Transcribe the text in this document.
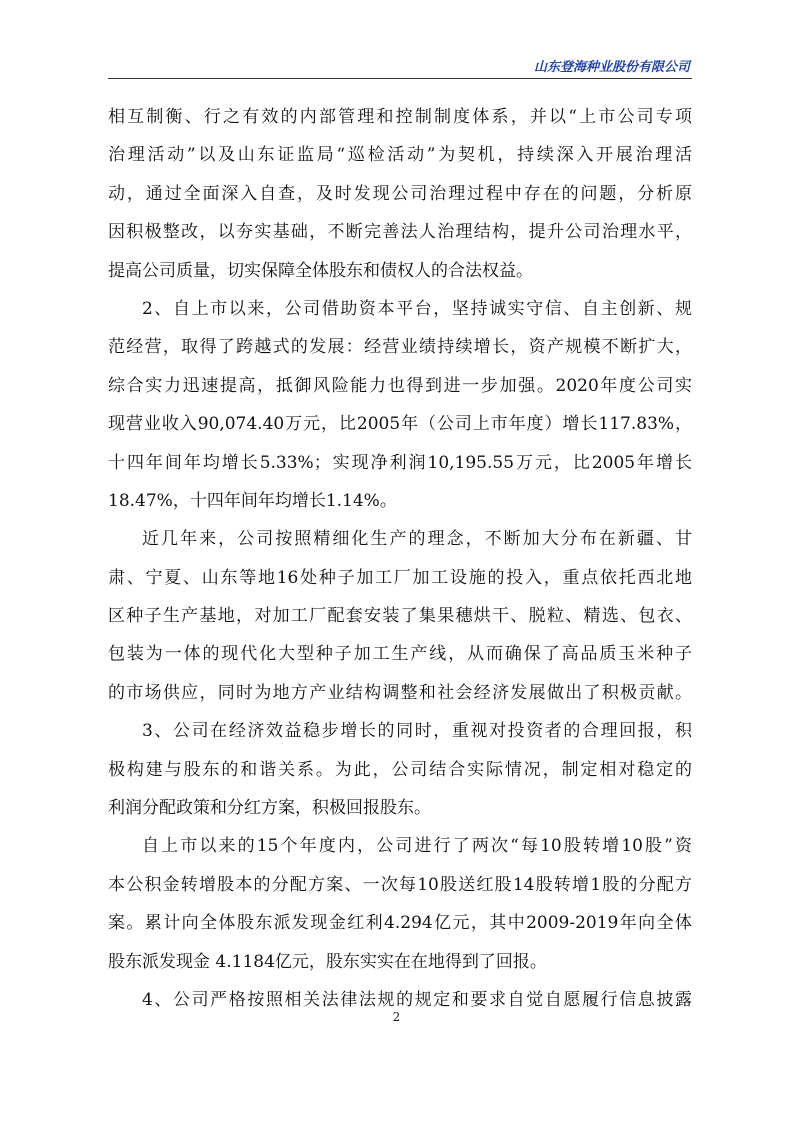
山东登海种业股份有限公司
相互制衡、行之有效的内部管理和控制制度体系，并以“上市公司专项
治理活动”以及山东证监局“巡检活动”为契机，持续深入开展治理活
动，通过全面深入自查，及时发现公司治理过程中存在的问题，分析原
因积极整改，以夯实基础，不断完善法人治理结构，提升公司治理水平，
提高公司质量，切实保障全体股东和债权人的合法权益。
2、自上市以来，公司借助资本平台，坚持诚实守信、自主创新、规
范经营，取得了跨越式的发展：经营业绩持续增长，资产规模不断扩大，
综合实力迅速提高，抵御风险能力也得到进一步加强。2020年度公司实
现营业收入90,074.40万元，比2005年（公司上市年度）增长117.83%，
十四年间年均增长5.33%；实现净利润10,195.55万元，比2005年增长
18.47%，十四年间年均增长1.14%。
近几年来，公司按照精细化生产的理念，不断加大分布在新疆、甘
肃、宁夏、山东等地16处种子加工厂加工设施的投入，重点依托西北地
区种子生产基地，对加工厂配套安装了集果穗烘干、脱粒、精选、包衣、
包装为一体的现代化大型种子加工生产线，从而确保了高品质玉米种子
的市场供应，同时为地方产业结构调整和社会经济发展做出了积极贡献。
3、公司在经济效益稳步增长的同时，重视对投资者的合理回报，积
极构建与股东的和谐关系。为此，公司结合实际情况，制定相对稳定的
利润分配政策和分红方案，积极回报股东。
自上市以来的15个年度内，公司进行了两次“每10股转增10股”资
本公积金转增股本的分配方案、一次每10股送红股14股转增1股的分配方
案。累计向全体股东派发现金红利4.294亿元，其中2009-2019年向全体
股东派发现金 4.1184亿元，股东实实在在地得到了回报。
4、公司严格按照相关法律法规的规定和要求自觉自愿履行信息披露
2
